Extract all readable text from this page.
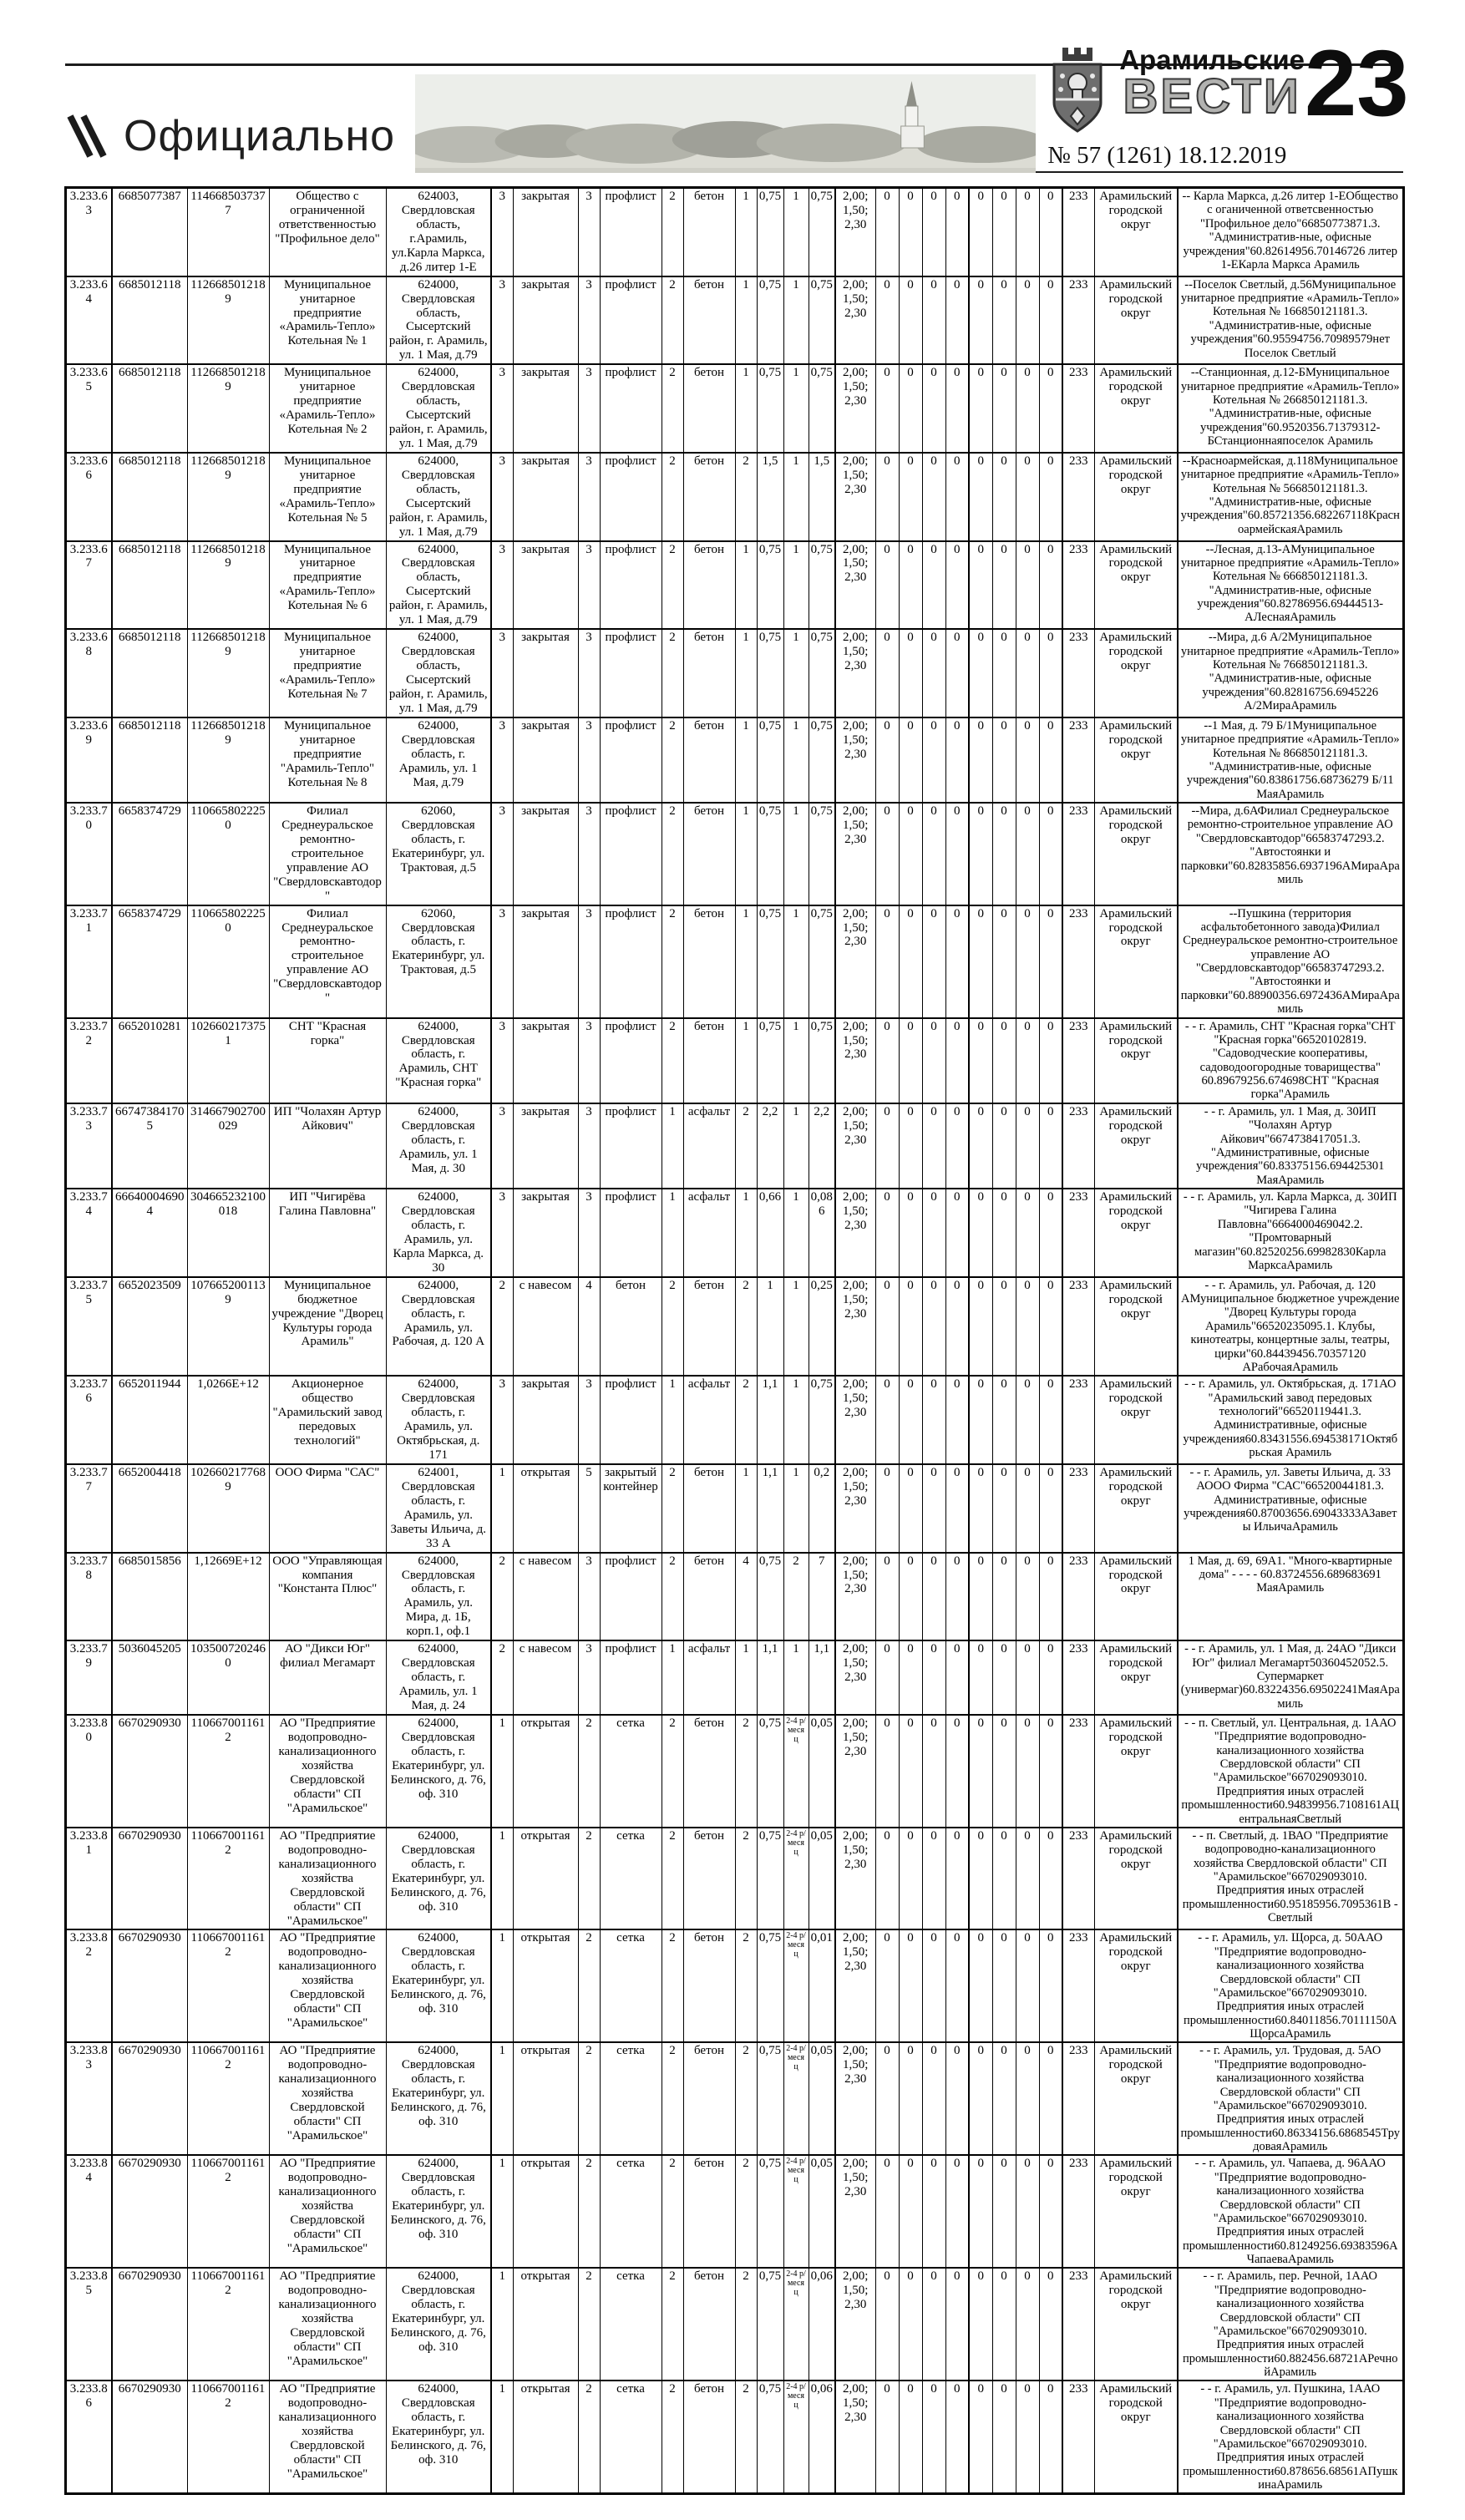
Официально
Арамильские
ВЕСТИ 23
№ 57 (1261) 18.12.2019
3.233.63	6685077387	1146685037377	Общество с ограниченной ответственностью "Профильное дело"	624003, Свердловская область, г.Арамиль, ул.Карла Маркса, д.26 литер 1-Е	3	закрытая	3	профлист	2	бетон	1	0,75	1	0,75	2,00; 1,50; 2,30	0	0	0	0	0	0	0	0	233	Арамильский городской округ	-- Карла Маркса, д.26 литер 1-ЕОбщество с оганиченной ответсвенностью "Профильное дело"66850773871.3. "Административ-ные, офисные учреждения"60.82614956.70146726 литер 1-ЕКарла Маркса Арамиль
3.233.64	6685012118	1126685012189	Муниципальное унитарное предприятие «Арамиль-Тепло» Котельная № 1	624000, Свердловская область, Сысертский район, г. Арамиль, ул. 1 Мая, д.79	3	закрытая	3	профлист	2	бетон	1	0,75	1	0,75	2,00; 1,50; 2,30	0	0	0	0	0	0	0	0	233	Арамильский городской округ	--Поселок Светлый, д.56Муниципальное унитарное предприятие «Арамиль-Тепло» Котельная № 166850121181.3. "Административ-ные, офисные учреждения"60.95594756.70989579нет Поселок Светлый
3.233.65	6685012118	1126685012189	Муниципальное унитарное предприятие «Арамиль-Тепло» Котельная № 2	624000, Свердловская область, Сысертский район, г. Арамиль, ул. 1 Мая, д.79	3	закрытая	3	профлист	2	бетон	1	0,75	1	0,75	2,00; 1,50; 2,30	0	0	0	0	0	0	0	0	233	Арамильский городской округ	--Станционная, д.12-БМуниципальное унитарное предприятие «Арамиль-Тепло» Котельная № 266850121181.3. "Административ-ные, офисные учреждения"60.9520356.71379312-БСтанционнаяпоселок Арамиль
3.233.66	6685012118	1126685012189	Муниципальное унитарное предприятие «Арамиль-Тепло» Котельная № 5	624000, Свердловская область, Сысертский район, г. Арамиль, ул. 1 Мая, д.79	3	закрытая	3	профлист	2	бетон	2	1,5	1	1,5	2,00; 1,50; 2,30	0	0	0	0	0	0	0	0	233	Арамильский городской округ	--Красноармейская, д.118Муниципальное унитарное предприятие «Арамиль-Тепло» Котельная № 566850121181.3. "Административ-ные, офисные учреждения"60.85721356.682267118КрасноармейскаяАрамиль
3.233.67	6685012118	1126685012189	Муниципальное унитарное предприятие «Арамиль-Тепло» Котельная № 6	624000, Свердловская область, Сысертский район, г. Арамиль, ул. 1 Мая, д.79	3	закрытая	3	профлист	2	бетон	1	0,75	1	0,75	2,00; 1,50; 2,30	0	0	0	0	0	0	0	0	233	Арамильский городской округ	--Лесная, д.13-АМуниципальное унитарное предприятие «Арамиль-Тепло» Котельная № 666850121181.3. "Административ-ные, офисные учреждения"60.82786956.69444513-АЛеснаяАрамиль
3.233.68	6685012118	1126685012189	Муниципальное унитарное предприятие «Арамиль-Тепло» Котельная № 7	624000, Свердловская область, Сысертский район, г. Арамиль, ул. 1 Мая, д.79	3	закрытая	3	профлист	2	бетон	1	0,75	1	0,75	2,00; 1,50; 2,30	0	0	0	0	0	0	0	0	233	Арамильский городской округ	--Мира, д.6 А/2Муниципальное унитарное предприятие «Арамиль-Тепло» Котельная № 766850121181.3. "Административ-ные, офисные учреждения"60.82816756.6945226 А/2МираАрамиль
3.233.69	6685012118	1126685012189	Муниципальное унитарное предприятие "Арамиль-Тепло" Котельная № 8	624000, Свердловская область, г. Арамиль, ул. 1 Мая, д.79	3	закрытая	3	профлист	2	бетон	1	0,75	1	0,75	2,00; 1,50; 2,30	0	0	0	0	0	0	0	0	233	Арамильский городской округ	--1 Мая, д. 79 Б/1Муниципальное унитарное предприятие «Арамиль-Тепло» Котельная № 866850121181.3. "Административ-ные, офисные учреждения"60.83861756.68736279 Б/11 МаяАрамиль
3.233.70	6658374729	1106658022250	Филиал Среднеуральское ремонтно-строительное управление АО "Свердловскавтодор"	62060, Свердловская область, г. Екатеринбург, ул. Трактовая, д.5	3	закрытая	3	профлист	2	бетон	1	0,75	1	0,75	2,00; 1,50; 2,30	0	0	0	0	0	0	0	0	233	Арамильский городской округ	--Мира, д.6АФилиал Среднеуральское ремонтно-строительное управление АО "Свердловскавтодор"66583747293.2. "Автостоянки и парковки"60.82835856.6937196АМираАрамиль
3.233.71	6658374729	1106658022250	Филиал Среднеуральское ремонтно-строительное управление АО "Свердловскавтодор"	62060, Свердловская область, г. Екатеринбург, ул. Трактовая, д.5	3	закрытая	3	профлист	2	бетон	1	0,75	1	0,75	2,00; 1,50; 2,30	0	0	0	0	0	0	0	0	233	Арамильский городской округ	--Пушкина (территория асфальтобетонного завода)Филиал Среднеуральское ремонтно-строительное управление АО "Свердловскавтодор"66583747293.2. "Автостоянки и парковки"60.88900356.6972436АМираАрамиль
3.233.72	6652010281	1026602173751	СНТ "Красная горка"	624000, Свердловская область, г. Арамиль, СНТ "Красная горка"	3	закрытая	3	профлист	2	бетон	1	0,75	1	0,75	2,00; 1,50; 2,30	0	0	0	0	0	0	0	0	233	Арамильский городской округ	- - г. Арамиль, СНТ "Красная горка"СНТ "Красная горка"66520102819. "Садоводческие кооперативы, садоводоогородные товарищества" 60.89679256.674698СНТ "Красная горка"Арамиль
3.233.73	667473841705	314667902700029	ИП "Чолахян Артур Айкович"	624000, Свердловская область, г. Арамиль, ул. 1 Мая, д. 30	3	закрытая	3	профлист	1	асфальт	2	2,2	1	2,2	2,00; 1,50; 2,30	0	0	0	0	0	0	0	0	233	Арамильский городской округ	- - г. Арамиль, ул. 1 Мая, д. 30ИП "Чолахян Артур Айкович"6674738417051.3. "Административные, офисные учреждения"60.83375156.694425301 МаяАрамиль
3.233.74	666400046904	304665232100018	ИП "Чигирёва Галина Павловна"	624000, Свердловская область, г. Арамиль, ул. Карла Маркса, д. 30	3	закрытая	3	профлист	1	асфальт	1	0,66	1	0,086	2,00; 1,50; 2,30	0	0	0	0	0	0	0	0	233	Арамильский городской округ	- - г. Арамиль, ул. Карла Маркса, д. 30ИП "Чигирева Галина Павловна"6664000469042.2. "Промтоварный магазин"60.82520256.69982830Карла МарксаАрамиль
3.233.75	6652023509	1076652001139	Муниципальное бюджетное учреждение "Дворец Культуры города Арамиль"	624000, Свердловская область, г. Арамиль, ул. Рабочая, д. 120 А	2	с навесом	4	бетон	2	бетон	2	1	1	0,25	2,00; 1,50; 2,30	0	0	0	0	0	0	0	0	233	Арамильский городской округ	- - г. Арамиль, ул. Рабочая, д. 120 АМуниципальное бюджетное учреждение "Дворец Культуры города Арамиль"66520235095.1. Клубы, кинотеатры, концертные залы, театры, цирки"60.84439456.70357120 АРабочаяАрамиль
3.233.76	6652011944	1,0266E+12	Акционерное общество "Арамильский завод передовых технологий"	624000, Свердловская область, г. Арамиль, ул. Октябрьская, д. 171	3	закрытая	3	профлист	1	асфальт	2	1,1	1	0,75	2,00; 1,50; 2,30	0	0	0	0	0	0	0	0	233	Арамильский городской округ	- - г. Арамиль, ул. Октябрьская, д. 171АО "Арамильский завод передовых технологий"66520119441.3. Административные, офисные учреждения60.83431556.694538171Октябрьская Арамиль
3.233.77	6652004418	1026602177689	ООО Фирма "САС"	624001, Свердловская область, г. Арамиль, ул. Заветы Ильича, д. 33 А	1	открытая	5	закрытый контейнер	2	бетон	1	1,1	1	0,2	2,00; 1,50; 2,30	0	0	0	0	0	0	0	0	233	Арамильский городской округ	- - г. Арамиль, ул. Заветы Ильича, д. 33 АООО Фирма "САС"66520044181.3. Административные, офисные учреждения60.87003656.69043333АЗаветы ИльичаАрамиль
3.233.78	6685015856	1,12669E+12	ООО "Управляющая компания "Константа Плюс"	624000, Свердловская область, г. Арамиль, ул. Мира, д. 1Б, корп.1, оф.1	2	с навесом	3	профлист	2	бетон	4	0,75	2	7	2,00; 1,50; 2,30	0	0	0	0	0	0	0	0	233	Арамильский городской округ	1 Мая, д. 69, 69А1. "Много-квартирные дома" - - - - 60.83724556.689683691 МаяАрамиль
3.233.79	5036045205	1035007202460	АО "Дикси Юг" филиал Мегамарт	624000, Свердловская область, г. Арамиль, ул. 1 Мая, д. 24	2	с навесом	3	профлист	1	асфальт	1	1,1	1	1,1	2,00; 1,50; 2,30	0	0	0	0	0	0	0	0	233	Арамильский городской округ	- - г. Арамиль, ул. 1 Мая, д. 24АО "Дикси Юг" филиал Мегамарт50360452052.5. Супермаркет (универмаг)60.83224356.69502241МаяАрамиль
3.233.80	6670290930	1106670011612	АО "Предприятие водопроводно-канализационного хозяйства Свердловской области" СП "Арамильское"	624000, Свердловская область, г. Екатеринбург, ул. Белинского, д. 76, оф. 310	1	открытая	2	сетка	2	бетон	2	0,75	2-4 р/ месяц	0,05	2,00; 1,50; 2,30	0	0	0	0	0	0	0	0	233	Арамильский городской округ	- - п. Светлый, ул. Центральная, д. 1ААО "Предприятие водопроводно-канализационного хозяйства Свердловской области" СП "Арамильское"667029093010. Предприятия иных отраслей промышленности60.94839956.7108161АЦентральнаяСветлый
3.233.81	6670290930	1106670011612	АО "Предприятие водопроводно-канализационного хозяйства Свердловской области" СП "Арамильское"	624000, Свердловская область, г. Екатеринбург, ул. Белинского, д. 76, оф. 310	1	открытая	2	сетка	2	бетон	2	0,75	2-4 р/ месяц	0,05	2,00; 1,50; 2,30	0	0	0	0	0	0	0	0	233	Арамильский городской округ	- - п. Светлый, д. 1ВАО "Предприятие водопроводно-канализационного хозяйства Свердловской области" СП "Арамильское"667029093010. Предприятия иных отраслей промышленности60.95185956.7095361В - Светлый
3.233.82	6670290930	1106670011612	АО "Предприятие водопроводно-канализационного хозяйства Свердловской области" СП "Арамильское"	624000, Свердловская область, г. Екатеринбург, ул. Белинского, д. 76, оф. 310	1	открытая	2	сетка	2	бетон	2	0,75	2-4 р/ месяц	0,01	2,00; 1,50; 2,30	0	0	0	0	0	0	0	0	233	Арамильский городской округ	- - г. Арамиль, ул. Щорса, д. 50ААО "Предприятие водопроводно-канализационного хозяйства Свердловской области" СП "Арамильское"667029093010. Предприятия иных отраслей промышленности60.84011856.70111150АЩорсаАрамиль
3.233.83	6670290930	1106670011612	АО "Предприятие водопроводно-канализационного хозяйства Свердловской области" СП "Арамильское"	624000, Свердловская область, г. Екатеринбург, ул. Белинского, д. 76, оф. 310	1	открытая	2	сетка	2	бетон	2	0,75	2-4 р/ месяц	0,05	2,00; 1,50; 2,30	0	0	0	0	0	0	0	0	233	Арамильский городской округ	- - г. Арамиль, ул. Трудовая, д. 5АО "Предприятие водопроводно-канализационного хозяйства Свердловской области" СП "Арамильское"667029093010. Предприятия иных отраслей промышленности60.86334156.6868545ТрудоваяАрамиль
3.233.84	6670290930	1106670011612	АО "Предприятие водопроводно-канализационного хозяйства Свердловской области" СП "Арамильское"	624000, Свердловская область, г. Екатеринбург, ул. Белинского, д. 76, оф. 310	1	открытая	2	сетка	2	бетон	2	0,75	2-4 р/ месяц	0,05	2,00; 1,50; 2,30	0	0	0	0	0	0	0	0	233	Арамильский городской округ	- - г. Арамиль, ул. Чапаева, д. 96ААО "Предприятие водопроводно-канализационного хозяйства Свердловской области" СП "Арамильское"667029093010. Предприятия иных отраслей промышленности60.81249256.69383596АЧапаеваАрамиль
3.233.85	6670290930	1106670011612	АО "Предприятие водопроводно-канализационного хозяйства Свердловской области" СП "Арамильское"	624000, Свердловская область, г. Екатеринбург, ул. Белинского, д. 76, оф. 310	1	открытая	2	сетка	2	бетон	2	0,75	2-4 р/ месяц	0,06	2,00; 1,50; 2,30	0	0	0	0	0	0	0	0	233	Арамильский городской округ	- - г. Арамиль, пер. Речной, 1ААО "Предприятие водопроводно-канализационного хозяйства Свердловской области" СП "Арамильское"667029093010. Предприятия иных отраслей промышленности60.882456.68721АРечнойАрамиль
3.233.86	6670290930	1106670011612	АО "Предприятие водопроводно-канализационного хозяйства Свердловской области" СП "Арамильское"	624000, Свердловская область, г. Екатеринбург, ул. Белинского, д. 76, оф. 310	1	открытая	2	сетка	2	бетон	2	0,75	2-4 р/ месяц	0,06	2,00; 1,50; 2,30	0	0	0	0	0	0	0	0	233	Арамильский городской округ	- - г. Арамиль, ул. Пушкина, 1ААО "Предприятие водопроводно-канализационного хозяйства Свердловской области" СП "Арамильское"667029093010. Предприятия иных отраслей промышленности60.878656.68561АПушкинаАрамиль
